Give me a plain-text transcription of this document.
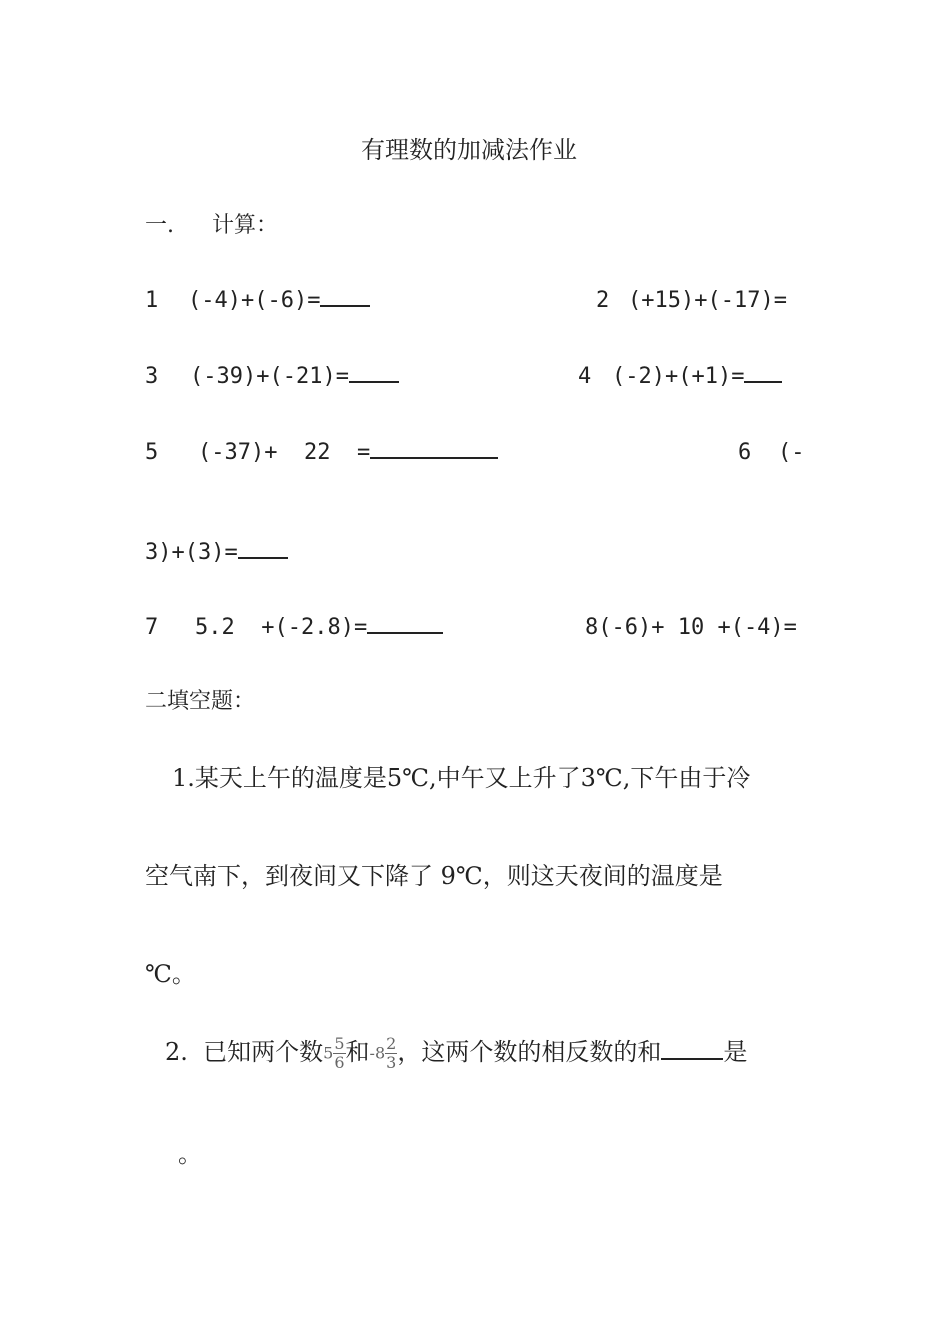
有理数的加减法作业
一. 计算：
1 (-4)+(-6)=	2 (+15)+(-17)=
3 (-39)+(-21)=	4 (-2)+(+1)=
5 (-37)+  22  =	6 (-
3)+(3)=
7 5.2  +(-2.8)=	8(-6)+ 10 +(-4)=
二填空题：
1.某天上午的温度是5℃,中午又上升了3℃,下午由于冷
空气南下，到夜间又下降了 9℃，则这天夜间的温度是
℃。
2.  已知两个数$5 \frac{5}{6}$ 和$-8 \frac{2}{3}$ ，这两个数的相反数的和	是
。
